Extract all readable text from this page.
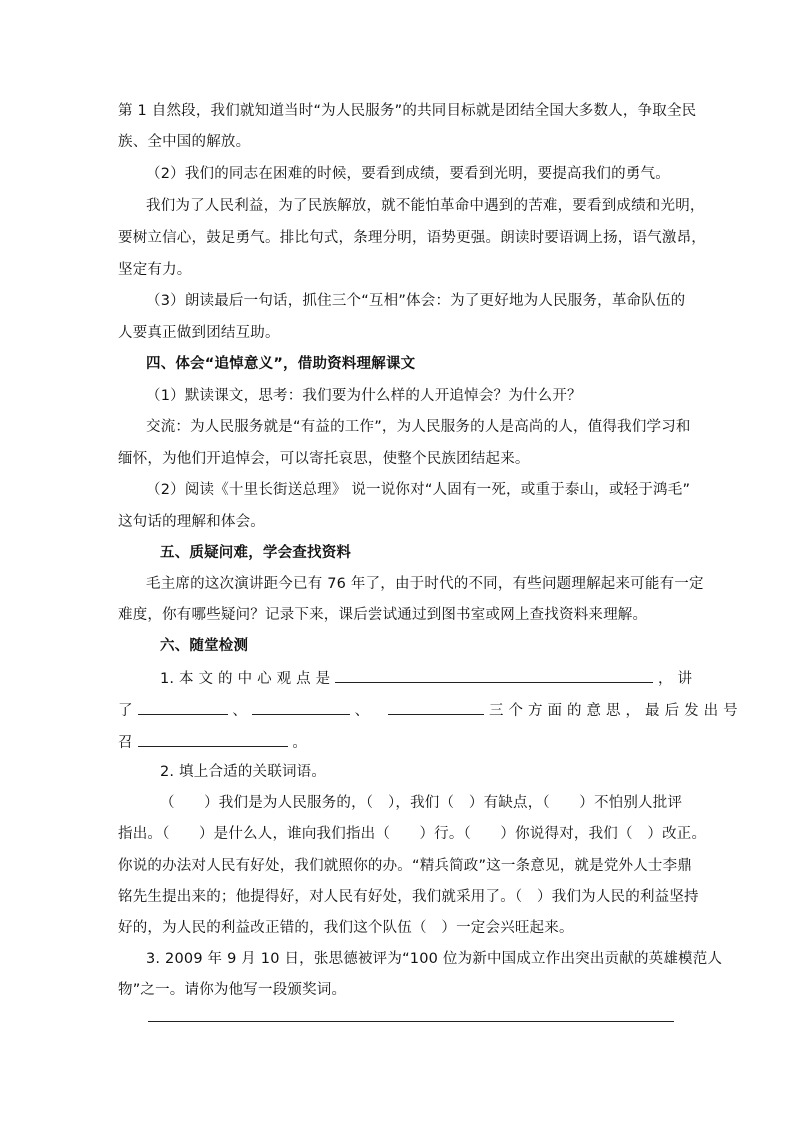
第 1 自然段，我们就知道当时“为人民服务”的共同目标就是团结全国大多数人，争取全民
族、全中国的解放。
（2）我们的同志在困难的时候，要看到成绩，要看到光明，要提高我们的勇气。
我们为了人民利益，为了民族解放，就不能怕革命中遇到的苦难，要看到成绩和光明，
要树立信心，鼓足勇气。排比句式，条理分明，语势更强。朗读时要语调上扬，语气激昂，
坚定有力。
（3）朗读最后一句话，抓住三个“互相”体会：为了更好地为人民服务，革命队伍的
人要真正做到团结互助。
四、体会“追悼意义”，借助资料理解课文
（1）默读课文，思考：我们要为什么样的人开追悼会？为什么开？
交流：为人民服务就是“有益的工作”，为人民服务的人是高尚的人，值得我们学习和
缅怀，为他们开追悼会，可以寄托哀思，使整个民族团结起来。
（2）阅读《十里长街送总理》 说一说你对“人固有一死，或重于泰山，或轻于鸿毛”
这句话的理解和体会。
五、质疑问难，学会查找资料
毛主席的这次演讲距今已有 76 年了，由于时代的不同，有些问题理解起来可能有一定
难度，你有哪些疑问？记录下来，课后尝试通过到图书室或网上查找资料来理解。
六、随堂检测
1. 本 文 的 中 心 观 点 是	， 讲
了	、	、	三 个 方 面 的 意 思 ， 最 后 发 出 号
召	。
2. 填上合适的关联词语。
（　　）我们是为人民服务的，（　），我们（　）有缺点，（　　）不怕别人批评
指出。（　　）是什么人，谁向我们指出（　　）行。（　　）你说得对，我们（　）改正。
你说的办法对人民有好处，我们就照你的办。“精兵简政”这一条意见，就是党外人士李鼎
铭先生提出来的；他提得好，对人民有好处，我们就采用了。（　）我们为人民的利益坚持
好的，为人民的利益改正错的，我们这个队伍（　）一定会兴旺起来。
3. 2009 年 9 月 10 日，张思德被评为“100 位为新中国成立作出突出贡献的英雄模范人
物”之一。请你为他写一段颁奖词。
